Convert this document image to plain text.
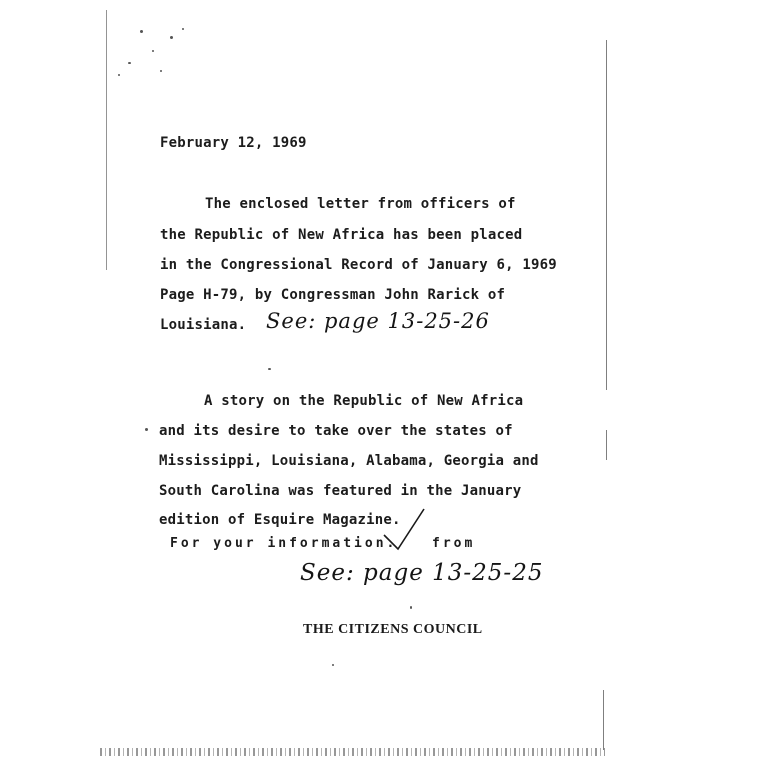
February 12, 1969
The enclosed letter from officers of
the Republic of New Africa has been placed
in the Congressional Record of January 6, 1969
Page H-79, by Congressman John Rarick of
Louisiana. See: page 13-25-26
A story on the Republic of New Africa
and its desire to take over the states of
Mississippi, Louisiana, Alabama, Georgia and
South Carolina was featured in the January
edition of Esquire Magazine.
For your information.	from
See: page 13-25-25
THE CITIZENS COUNCIL
